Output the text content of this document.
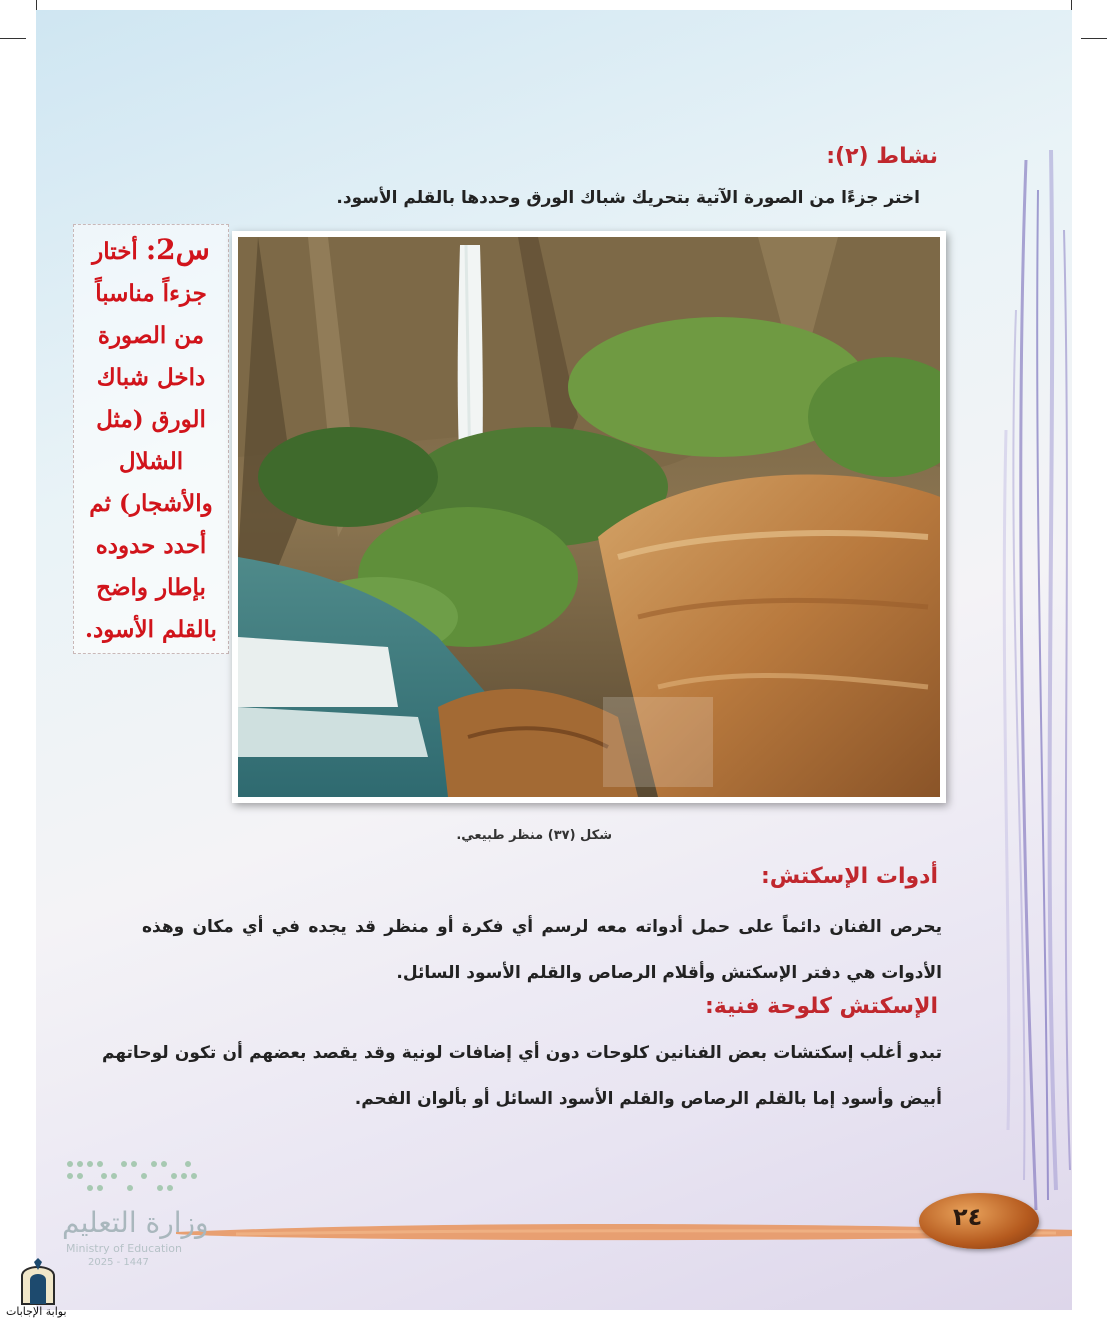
نشاط (٢):
اختر جزءًا من الصورة الآتية بتحريك شباك الورق وحددها بالقلم الأسود.
س2: أختار
جزءاً مناسباً
من الصورة
داخل شباك
الورق (مثل
الشلال
والأشجار) ثم
أحدد حدوده
بإطار واضح
بالقلم الأسود.
شكل (٣٧) منظر طبيعي.
أدوات الإسكتش:
يحرص الفنان دائماً على حمل أدواته معه لرسم أي فكرة أو منظر قد يجده في أي مكان وهذه الأدوات هي دفتر الإسكتش وأقلام الرصاص والقلم الأسود السائل.
الإسكتش كلوحة فنية:
تبدو أغلب إسكتشات بعض الفنانين كلوحات دون أي إضافات لونية وقد يقصد بعضهم أن تكون لوحاتهم أبيض وأسود إما بالقلم الرصاص والقلم الأسود السائل أو بألوان الفحم.
٢٤
وزارة التعليم
Ministry of Education
2025 - 1447
بوابة الإجابات
